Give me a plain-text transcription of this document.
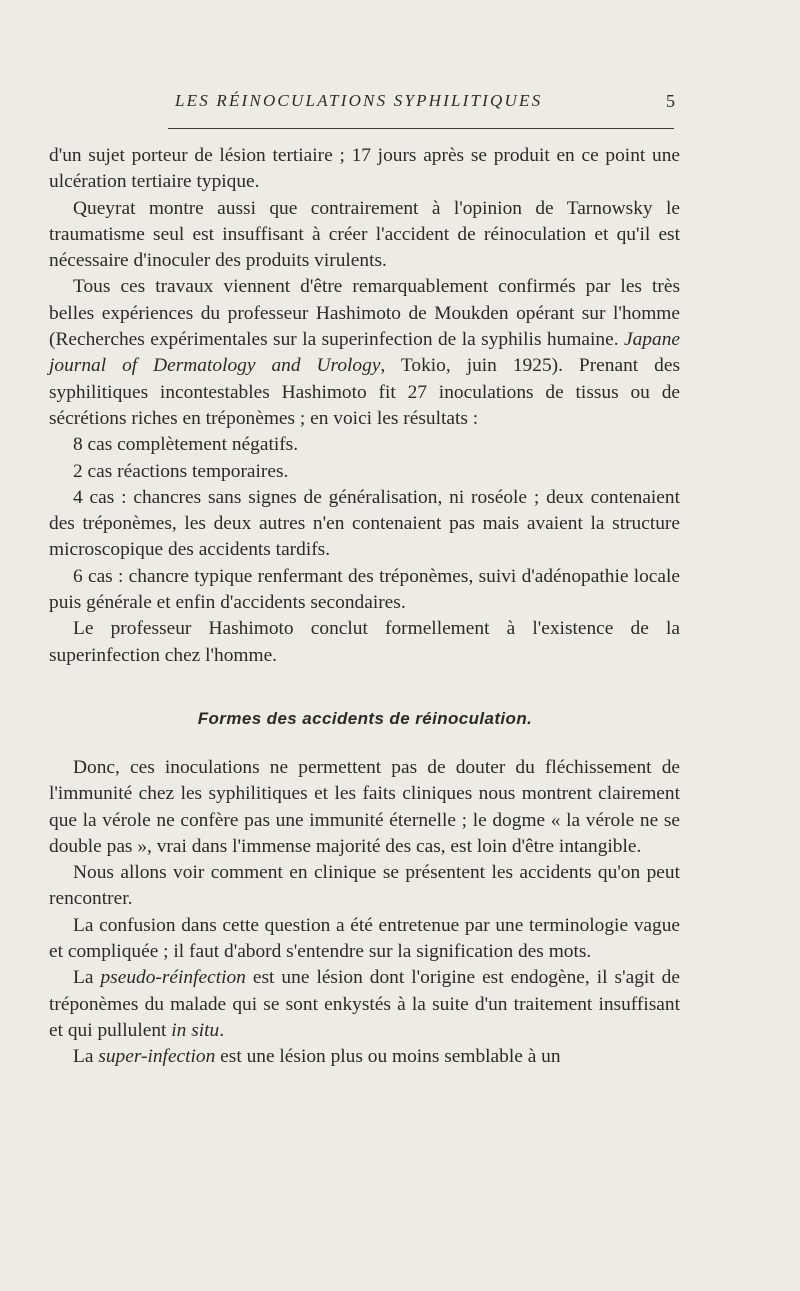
LES RÉINOCULATIONS SYPHILITIQUES	5

d'un sujet porteur de lésion tertiaire ; 17 jours après se produit en ce point une ulcération tertiaire typique.

Queyrat montre aussi que contrairement à l'opinion de Tarnowsky le traumatisme seul est insuffisant à créer l'accident de réinoculation et qu'il est nécessaire d'inoculer des produits virulents.

Tous ces travaux viennent d'être remarquablement confirmés par les très belles expériences du professeur Hashimoto de Moukden opérant sur l'homme (Recherches expérimentales sur la superinfection de la syphilis humaine. Japane journal of Dermatology and Urology, Tokio, juin 1925). Prenant des syphilitiques incontestables Hashimoto fit 27 inoculations de tissus ou de sécrétions riches en tréponèmes ; en voici les résultats :

8 cas complètement négatifs.

2 cas réactions temporaires.

4 cas : chancres sans signes de généralisation, ni roséole ; deux contenaient des tréponèmes, les deux autres n'en contenaient pas mais avaient la structure microscopique des accidents tardifs.

6 cas : chancre typique renfermant des tréponèmes, suivi d'adénopathie locale puis générale et enfin d'accidents secondaires.

Le professeur Hashimoto conclut formellement à l'existence de la superinfection chez l'homme.

Formes des accidents de réinoculation.

Donc, ces inoculations ne permettent pas de douter du fléchissement de l'immunité chez les syphilitiques et les faits cliniques nous montrent clairement que la vérole ne confère pas une immunité éternelle ; le dogme « la vérole ne se double pas », vrai dans l'immense majorité des cas, est loin d'être intangible.

Nous allons voir comment en clinique se présentent les accidents qu'on peut rencontrer.

La confusion dans cette question a été entretenue par une terminologie vague et compliquée ; il faut d'abord s'entendre sur la signification des mots.

La pseudo-réinfection est une lésion dont l'origine est endogène, il s'agit de tréponèmes du malade qui se sont enkystés à la suite d'un traitement insuffisant et qui pullulent in situ.

La super-infection est une lésion plus ou moins semblable à un
